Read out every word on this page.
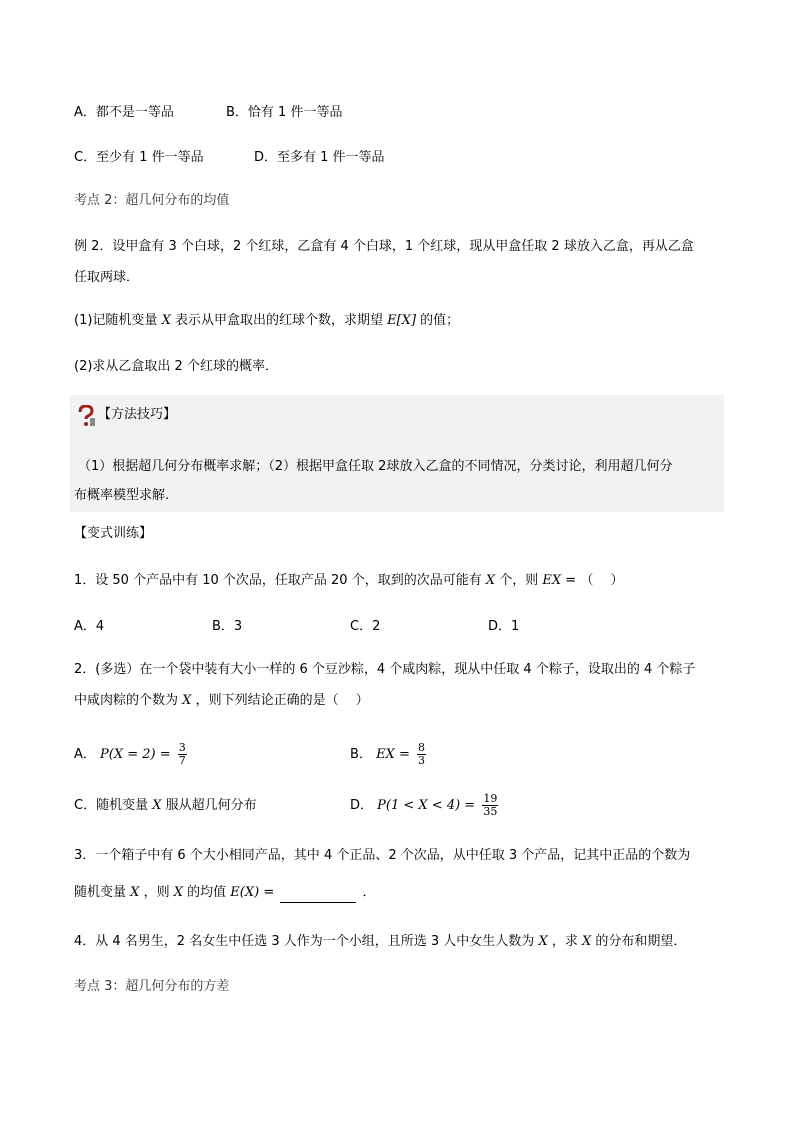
A．都不是一等品	B．恰有 1 件一等品
C．至少有 1 件一等品	D．至多有 1 件一等品
考点 2：超几何分布的均值
例 2．设甲盒有 3 个白球，2 个红球，乙盒有 4 个白球，1 个红球，现从甲盒任取 2 球放入乙盒，再从乙盒
任取两球．
(1)记随机变量 X 表示从甲盒取出的红球个数，求期望 E[X] 的值；
(2)求从乙盒取出 2 个红球的概率．
【方法技巧】
（1）根据超几何分布概率求解；（2）根据甲盒任取 2球放入乙盒的不同情况，分类讨论，利用超几何分
布概率模型求解.
【变式训练】
1．设 50 个产品中有 10 个次品，任取产品 20 个，取到的次品可能有 X 个，则 EX = （　 ）
A．4	B．3	C．2	D．1
2．(多选）在一个袋中装有大小一样的 6 个豆沙粽，4 个咸肉粽，现从中任取 4 个粽子，设取出的 4 个粽子
中咸肉粽的个数为 X ，则下列结论正确的是（　 ）
A． $P(X = 2) = \frac{3}{7}$	B． EX = $\frac{8}{3}$
C．随机变量 X 服从超几何分布	D． $P(1 < X < 4) = \frac{19}{35}$
3．一个箱子中有 6 个大小相同产品，其中 4 个正品、2 个次品，从中任取 3 个产品，记其中正品的个数为
随机变量 X ，则 X 的均值 E(X) =	．
4．从 4 名男生，2 名女生中任选 3 人作为一个小组，且所选 3 人中女生人数为 X ，求 X 的分布和期望．
考点 3：超几何分布的方差
